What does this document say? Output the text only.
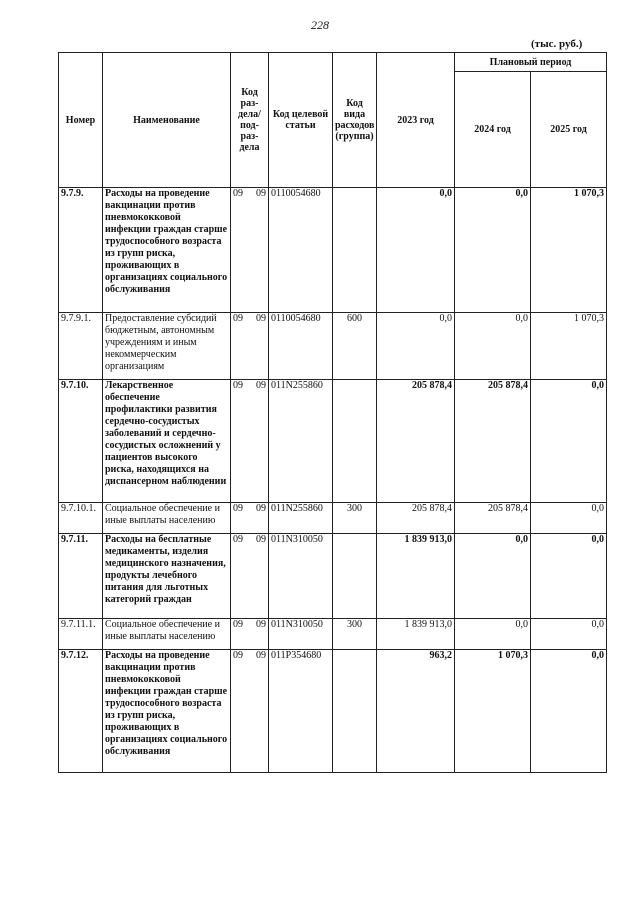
228
(тыс. руб.)
Номер	Наименование	Код раз-дела/ под-раз-дела	Код целевой статьи	Код вида расходов (группа)	2023 год	Плановый период	
						2024 год	2025 год
9.7.9.	Расходы на проведение вакцинации против пневмококковой инфекции граждан старше трудоспособного возраста из групп риска, проживающих в организациях социального обслуживания	09 09	0110054680		0,0	0,0	1 070,3
9.7.9.1.	Предоставление субсидий бюджетным, автономным учреждениям и иным некоммерческим организациям	09 09	0110054680	600	0,0	0,0	1 070,3
9.7.10.	Лекарственное обеспечение профилактики развития сердечно-сосудистых заболеваний и сердечно-сосудистых осложнений у пациентов высокого риска, находящихся на диспансерном наблюдении	09 09	011N255860		205 878,4	205 878,4	0,0
9.7.10.1.	Социальное обеспечение и иные выплаты населению	09 09	011N255860	300	205 878,4	205 878,4	0,0
9.7.11.	Расходы на бесплатные медикаменты, изделия медицинского назначения, продукты лечебного питания для льготных категорий граждан	09 09	011N310050		1 839 913,0	0,0	0,0
9.7.11.1.	Социальное обеспечение и иные выплаты населению	09 09	011N310050	300	1 839 913,0	0,0	0,0
9.7.12.	Расходы на проведение вакцинации против пневмококковой инфекции граждан старше трудоспособного возраста из групп риска, проживающих в организациях социального обслуживания	09 09	011P354680		963,2	1 070,3	0,0
